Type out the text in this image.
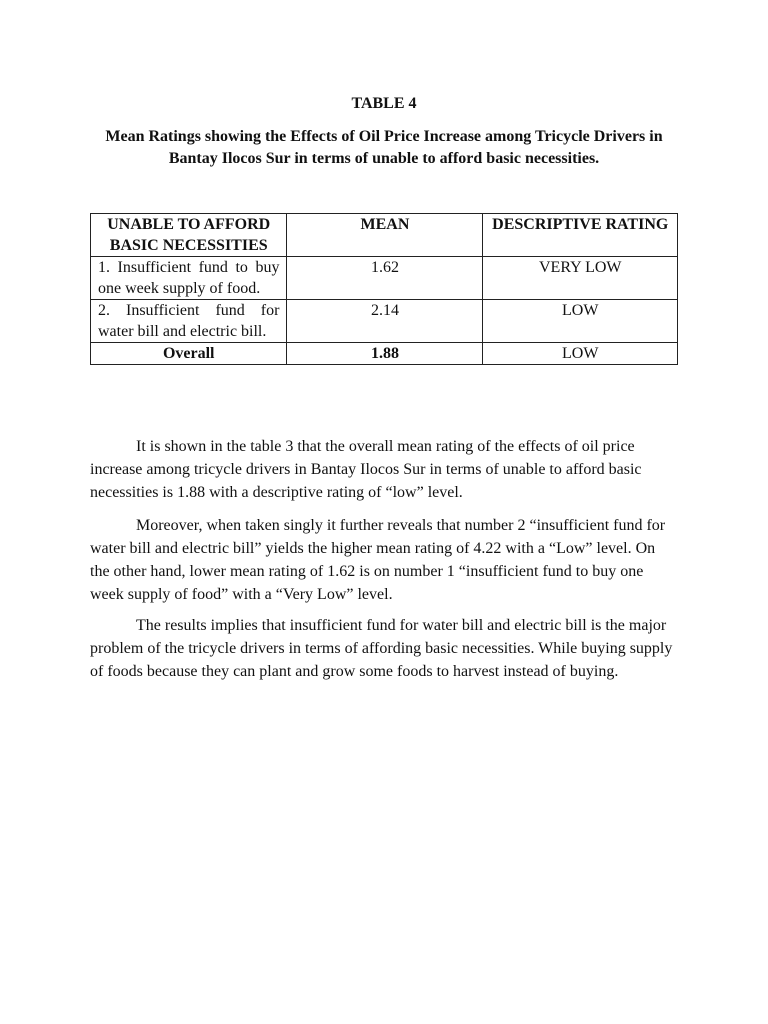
TABLE 4
Mean Ratings showing the Effects of Oil Price Increase among Tricycle Drivers in Bantay Ilocos Sur in terms of unable to afford basic necessities.
UNABLE TO AFFORD BASIC NECESSITIES	MEAN	DESCRIPTIVE RATING
1. Insufficient fund to buy one week supply of food.	1.62	VERY LOW
2. Insufficient fund for water bill and electric bill.	2.14	LOW
Overall	1.88	LOW

It is shown in the table 3 that the overall mean rating of the effects of oil price increase among tricycle drivers in Bantay Ilocos Sur in terms of unable to afford basic necessities is 1.88 with a descriptive rating of “low” level.

Moreover, when taken singly it further reveals that number 2 “insufficient fund for water bill and electric bill” yields the higher mean rating of 4.22 with a “Low” level. On the other hand, lower mean rating of 1.62 is on number 1 “insufficient fund to buy one week supply of food” with a “Very Low” level.

The results implies that insufficient fund for water bill and electric bill is the major problem of the tricycle drivers in terms of affording basic necessities. While buying supply of foods because they can plant and grow some foods to harvest instead of buying.
